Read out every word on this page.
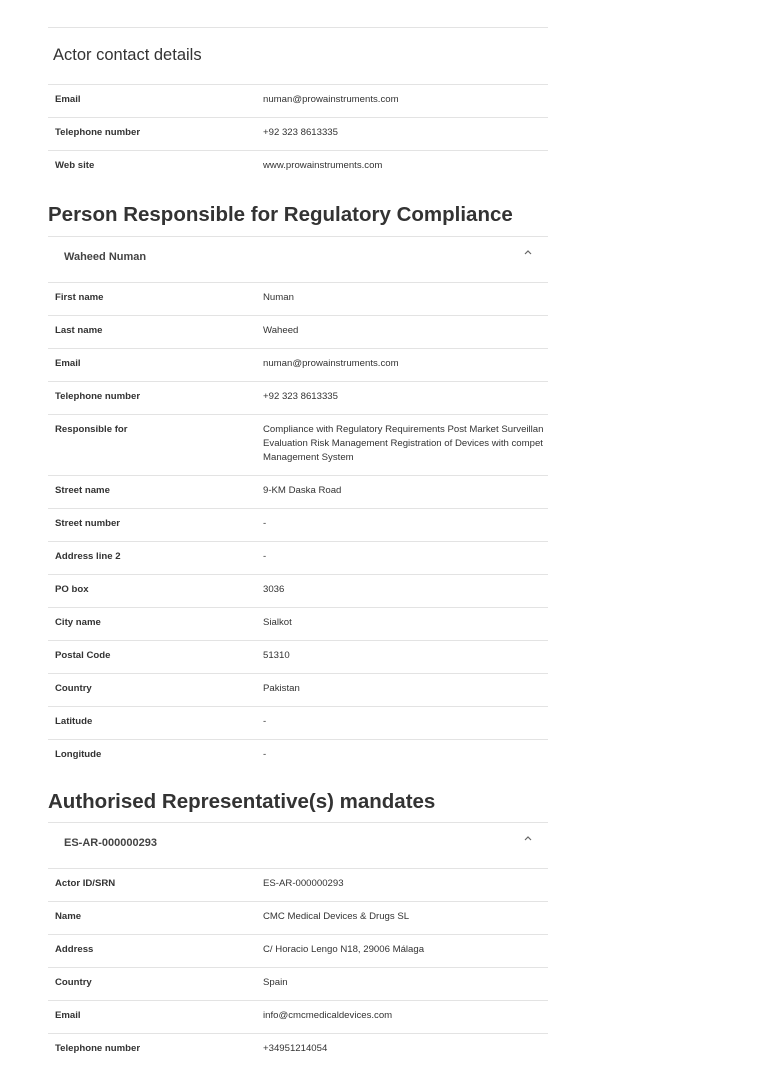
Actor contact details
Email	numan@prowainstruments.com
Telephone number	+92 323 8613335
Web site	www.prowainstruments.com
Person Responsible for Regulatory Compliance
Waheed Numan
First name	Numan
Last name	Waheed
Email	numan@prowainstruments.com
Telephone number	+92 323 8613335
Responsible for	Compliance with Regulatory Requirements Post Market Surveillan
Evaluation Risk Management Registration of Devices with compet
Management System
Street name	9-KM Daska Road
Street number	-
Address line 2	-
PO box	3036
City name	Sialkot
Postal Code	51310
Country	Pakistan
Latitude	-
Longitude	-
Authorised Representative(s) mandates
ES-AR-000000293
Actor ID/SRN	ES-AR-000000293
Name	CMC Medical Devices & Drugs SL
Address	C/ Horacio Lengo N18, 29006 Málaga
Country	Spain
Email	info@cmcmedicaldevices.com
Telephone number	+34951214054
